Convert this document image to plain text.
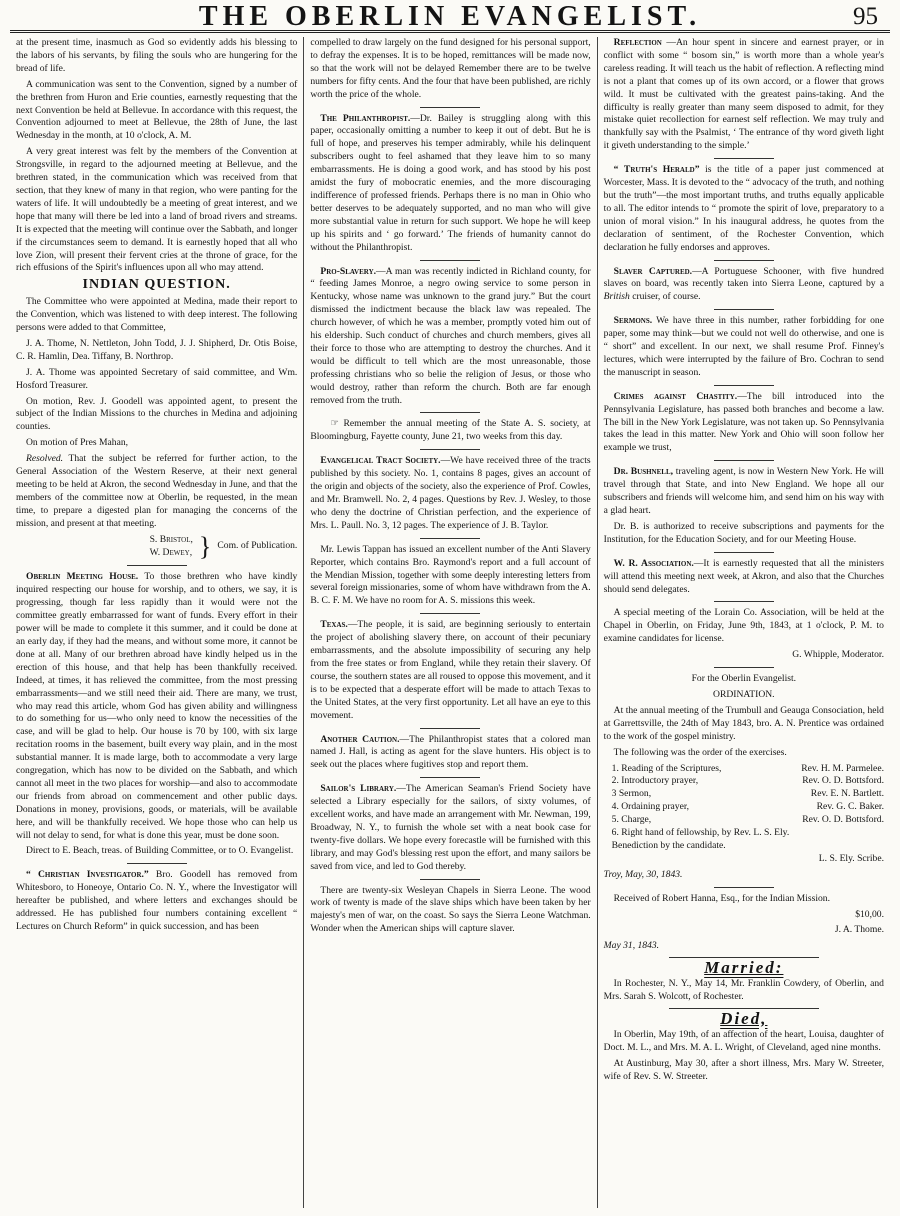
THE OBERLIN EVANGELIST.	95

at the present time, inasmuch as God so evidently adds his blessing to the labors of his servants, by filing the souls who are hungering for the bread of life.

A communication was sent to the Convention, signed by a number of the brethren from Huron and Erie counties, earnestly requesting that the next Convention be held at Bellevue. In accordance with this request, the Convention adjourned to meet at Bellevue, the 28th of June, the last Wednesday in the month, at 10 o'clock, A. M.

A very great interest was felt by the members of the Convention at Strongsville, in regard to the adjourned meeting at Bellevue, and the brethren stated, in the communication which was received from that section, that they knew of many in that region, who were panting for the waters of life. It will undoubtedly be a meeting of great interest, and we hope that many will there be led into a land of broad rivers and streams. It is expected that the meeting will continue over the Sabbath, and longer if the circumstances seem to demand. It is earnestly hoped that all who love Zion, will present their fervent cries at the throne of grace, for the rich effusions of the Spirit's influences upon all who may attend.

INDIAN QUESTION.

The Committee who were appointed at Medina, made their report to the Convention, which was listened to with deep interest. The following persons were added to that Committee,

J. A. Thome, N. Nettleton, John Todd, J. J. Shipherd, Dr. Otis Boise, C. R. Hamlin, Dea. Tiffany, B. Northrop.

J. A. Thome was appointed Secretary of said committee, and Wm. Hosford Treasurer.

On motion, Rev. J. Goodell was appointed agent, to present the subject of the Indian Missions to the churches in Medina and adjoining counties.

On motion of Pres Mahan,

Resolved. That the subject be referred for further action, to the General Association of the Western Reserve, at their next general meeting to be held at Akron, the second Wednesday in June, and that the members of the committee now at Oberlin, be requested, in the mean time, to prepare a digested plan for managing the concerns of the mission, and present at that meeting.

S. Bristol,
W. Dewey, } Com. of Publication.

Oberlin Meeting House. To those brethren who have kindly inquired respecting our house for worship, and to others, we say, it is progressing, though far less rapidly than it would were not the committee greatly embarrassed for want of funds. Every effort in their power will be made to complete it this summer, and it could be done at an early day, if they had the means, and without some more, it cannot be done at all. Many of our brethren abroad have kindly helped us in the erection of this house, and that help has been thankfully received. Indeed, at times, it has relieved the committee, from the most pressing embarrassments—and we still need their aid. There are many, we trust, who may read this article, whom God has given ability and willingness to do something for us—who only need to know the necessities of the case, and will be glad to help. Our house is 70 by 100, with six large recitation rooms in the basement, built every way plain, and in the most substantial manner. It is made large, both to accommodate a very large congregation, which has now to be divided on the Sabbath, and which cannot all meet in the two places for worship—and also to accommodate our friends from abroad on commencement and other public days. Donations in money, provisions, goods, or materials, will be available here, and will be thankfully received. We hope those who can help us will not delay to send, for what is done this year, must be done soon.

Direct to E. Beach, treas. of Building Committee, or to O. Evangelist.

“ Christian Investigator.” Bro. Goodell has removed from Whitesboro, to Honeoye, Ontario Co. N. Y., where the Investigator will hereafter be published, and where letters and exchanges should be addressed. He has published four numbers containing excellent “ Lectures on Church Reform” in quick succession, and has been

compelled to draw largely on the fund designed for his personal support, to defray the expenses. It is to be hoped, remittances will be made now, so that the work will not be delayed Remember there are to be twelve numbers for fifty cents. And the four that have been published, are richly worth the price of the whole.

The Philanthropist.—Dr. Bailey is struggling along with this paper, occasionally omitting a number to keep it out of debt. But he is full of hope, and preserves his temper admirably, while his delinquent subscribers ought to feel ashamed that they leave him to so many embarrassments. He is doing a good work, and has stood by his post amidst the fury of mobocratic enemies, and the more discouraging indifference of professed friends. Perhaps there is no man in Ohio who better deserves to be adequately supported, and no man who will give more substantial value in return for such support. We hope he will keep up his spirits and ‘ go forward.’ The friends of humanity cannot do without the Philanthropist.

Pro-Slavery.—A man was recently indicted in Richland county, for “ feeding James Monroe, a negro owing service to some person in Kentucky, whose name was unknown to the grand jury.” But the court dismissed the indictment because the black law was repealed. The church however, of which he was a member, promptly voted him out of his eldership. Such conduct of churches and church members, gives all their force to those who are attempting to destroy the churches. And it would be difficult to tell which are the most unreasonable, those professing christians who so belie the religion of Jesus, or those who would destroy, rather than reform the church. Both are far enough removed from the truth.

☞ Remember the annual meeting of the State A. S. society, at Bloomingburg, Fayette county, June 21, two weeks from this day.

Evangelical Tract Society.—We have received three of the tracts published by this society. No. 1, contains 8 pages, gives an account of the origin and objects of the society, also the experience of Prof. Cowles, and Mr. Bramwell. No. 2, 4 pages. Questions by Rev. J. Wesley, to those who deny the doctrine of Christian perfection, and the experience of Mrs. L. Paull. No. 3, 12 pages. The experience of J. B. Taylor.

Mr. Lewis Tappan has issued an excellent number of the Anti Slavery Reporter, which contains Bro. Raymond's report and a full account of the Mendian Mission, together with some deeply interesting letters from several foreign missionaries, some of whom have withdrawn from the A. B. C. F. M. We have no room for A. S. missions this week.

Texas.—The people, it is said, are beginning seriously to entertain the project of abolishing slavery there, on account of their pecuniary embarrassments, and the absolute impossibility of securing any help from the free states or from England, while they retain their slavery. Of course, the southern states are all roused to oppose this movement, and it is to be expected that a desperate effort will be made to attach Texas to the United States, at the very first opportunity. Let all have an eye to this movement.

Another Caution.—The Philanthropist states that a colored man named J. Hall, is acting as agent for the slave hunters. His object is to seek out the places where fugitives stop and report them.

Sailor's Library.—The American Seaman's Friend Society have selected a Library especially for the sailors, of sixty volumes, of excellent works, and have made an arrangement with Mr. Newman, 199, Broadway, N. Y., to furnish the whole set with a neat book case for twenty-five dollars. We hope every forecastle will be furnished with this library, and may God's blessing rest upon the effort, and many sailors be saved from vice, and led to God thereby.

There are twenty-six Wesleyan Chapels in Sierra Leone. The wood work of twenty is made of the slave ships which have been taken by her majesty's men of war, on the coast. So says the Sierra Leone Watchman. Wonder when the American ships will capture slaver.

Reflection —An hour spent in sincere and earnest prayer, or in conflict with some “ bosom sin,” is worth more than a whole year's careless reading. It will teach us the habit of reflection. A reflecting mind is not a plant that comes up of its own accord, or a flower that grows wild. It must be cultivated with the greatest pains-taking. And the difficulty is really greater than many seem disposed to admit, for they mistake quiet recollection for earnest self reflection. We may truly and thankfully say with the Psalmist, ‘ The entrance of thy word giveth light it giveth understanding to the simple.’

“ Truth's Herald” is the title of a paper just commenced at Worcester, Mass. It is devoted to the “ advocacy of the truth, and nothing but the truth”—the most important truths, and truths equally applicable to all. The editor intends to “ promote the spirit of love, preparatory to a union of moral vision.” In his inaugural address, he quotes from the declaration of sentiment, of the Rochester Convention, which declaration he fully endorses and approves.

Slaver Captured.—A Portuguese Schooner, with five hundred slaves on board, was recently taken into Sierra Leone, captured by a British cruiser, of course.

Sermons. We have three in this number, rather forbidding for one paper, some may think—but we could not well do otherwise, and one is “ short” and excellent. In our next, we shall resume Prof. Finney's lectures, which were interrupted by the failure of Bro. Cochran to send the manuscript in season.

Crimes against Chastity.—The bill introduced into the Pennsylvania Legislature, has passed both branches and become a law. The bill in the New York Legislature, was not taken up. So Pennsylvania takes the lead in this matter. New York and Ohio will soon follow her example we trust,

Dr. Bushnell, traveling agent, is now in Western New York. He will travel through that State, and into New England. We hope all our subscribers and friends will welcome him, and send him on his way with a glad heart.

Dr. B. is authorized to receive subscriptions and payments for the Institution, for the Education Society, and for our Meeting House.

W. R. Association.—It is earnestly requested that all the ministers will attend this meeting next week, at Akron, and also that the Churches should send delegates.

A special meeting of the Lorain Co. Association, will be held at the Chapel in Oberlin, on Friday, June 9th, 1843, at 1 o'clock, P. M. to examine candidates for license.

G. Whipple, Moderator.

For the Oberlin Evangelist.

ORDINATION.

At the annual meeting of the Trumbull and Geauga Consociation, held at Garrettsville, the 24th of May 1843, bro. A. N. Prentice was ordained to the work of the gospel ministry.

The following was the order of the exercises.

1. Reading of the Scriptures,	Rev. H. M. Parmelee.
2. Introductory prayer,	Rev. O. D. Bottsford.
3 Sermon,	Rev. E. N. Bartlett.
4. Ordaining prayer,	Rev. G. C. Baker.
5. Charge,	Rev. O. D. Bottsford.
6. Right hand of fellowship, by Rev. L. S. Ely.
Benediction by the candidate.

L. S. Ely. Scribe.

Troy, May, 30, 1843.

Received of Robert Hanna, Esq., for the Indian Mission.

$10,00.

J. A. Thome.

May 31, 1843.

Married:

In Rochester, N. Y., May 14, Mr. Franklin Cowdery, of Oberlin, and Mrs. Sarah S. Wolcott, of Rochester.

Died,

In Oberlin, May 19th, of an affection of the heart, Louisa, daughter of Doct. M. L., and Mrs. M. A. L. Wright, of Cleveland, aged nine months.

At Austinburg, May 30, after a short illness, Mrs. Mary W. Streeter, wife of Rev. S. W. Streeter.
